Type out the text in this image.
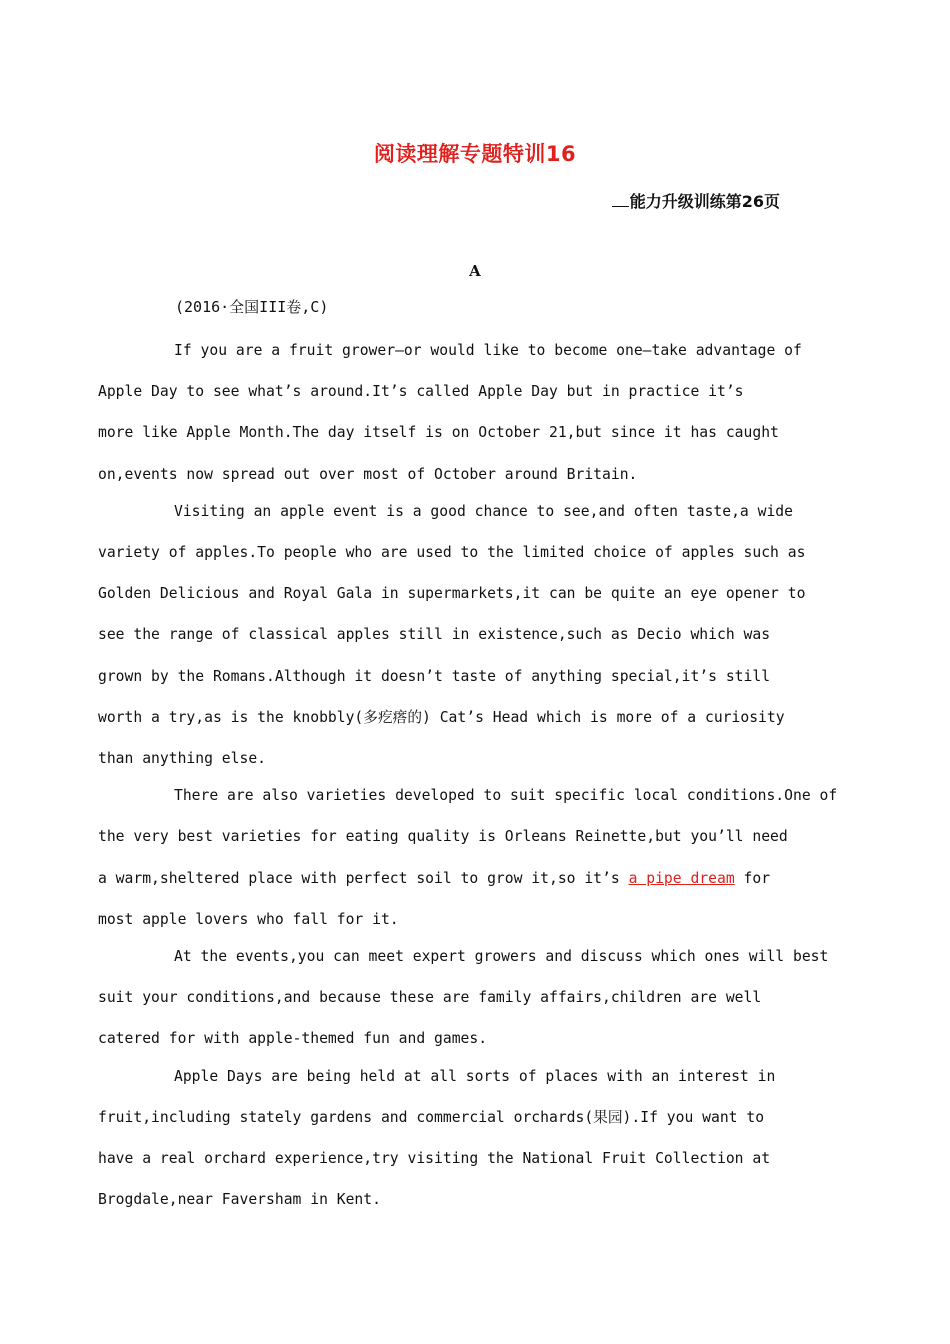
阅读理解专题特训16
能力升级训练第26页
A
(2016·全国III卷,C)
If you are a fruit grower—or would like to become one—take advantage of
Apple Day to see what’s around.It’s called Apple Day but in practice it’s
more like Apple Month.The day itself is on October 21,but since it has caught
on,events now spread out over most of October around Britain.
Visiting an apple event is a good chance to see,and often taste,a wide
variety of apples.To people who are used to the limited choice of apples such as
Golden Delicious and Royal Gala in supermarkets,it can be quite an eye opener to
see the range of classical apples still in existence,such as Decio which was
grown by the Romans.Although it doesn’t taste of anything special,it’s still
worth a try,as is the knobbly(多疙瘩的) Cat’s Head which is more of a curiosity
than anything else.
There are also varieties developed to suit specific local conditions.One of
the very best varieties for eating quality is Orleans Reinette,but you’ll need
a warm,sheltered place with perfect soil to grow it,so it’s a pipe dream for
most apple lovers who fall for it.
At the events,you can meet expert growers and discuss which ones will best
suit your conditions,and because these are family affairs,children are well
catered for with apple-themed fun and games.
Apple Days are being held at all sorts of places with an interest in
fruit,including stately gardens and commercial orchards(果园).If you want to
have a real orchard experience,try visiting the National Fruit Collection at
Brogdale,near Faversham in Kent.
